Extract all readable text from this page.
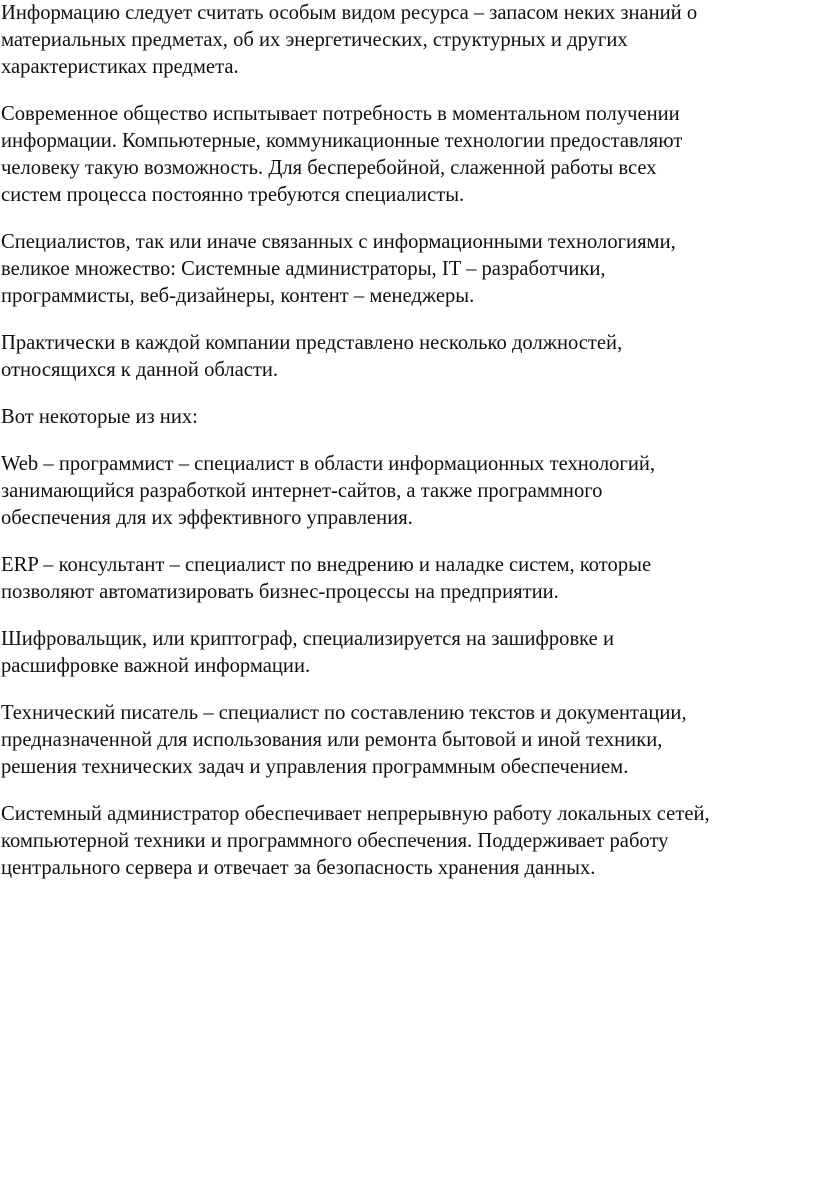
Информацию следует считать особым видом ресурса – запасом неких знаний о
материальных предметах, об их энергетических, структурных и других
характеристиках предмета.

Современное общество испытывает потребность в моментальном получении
информации. Компьютерные, коммуникационные технологии предоставляют
человеку такую возможность. Для бесперебойной, слаженной работы всех
систем процесса постоянно требуются специалисты.

Специалистов, так или иначе связанных с информационными технологиями,
великое множество: Системные администраторы, IT – разработчики,
программисты, веб-дизайнеры, контент – менеджеры.

Практически в каждой компании представлено несколько должностей,
относящихся к данной области.

Вот некоторые из них:

Web – программист – специалист в области информационных технологий,
занимающийся разработкой интернет-сайтов, а также программного
обеспечения для их эффективного управления.

ERP – консультант – специалист по внедрению и наладке систем, которые
позволяют автоматизировать бизнес-процессы на предприятии.

Шифровальщик, или криптограф, специализируется на зашифровке и
расшифровке важной информации.

Технический писатель – специалист по составлению текстов и документации,
предназначенной для использования или ремонта бытовой и иной техники,
решения технических задач и управления программным обеспечением.

Системный администратор обеспечивает непрерывную работу локальных сетей,
компьютерной техники и программного обеспечения. Поддерживает работу
центрального сервера и отвечает за безопасность хранения данных.
